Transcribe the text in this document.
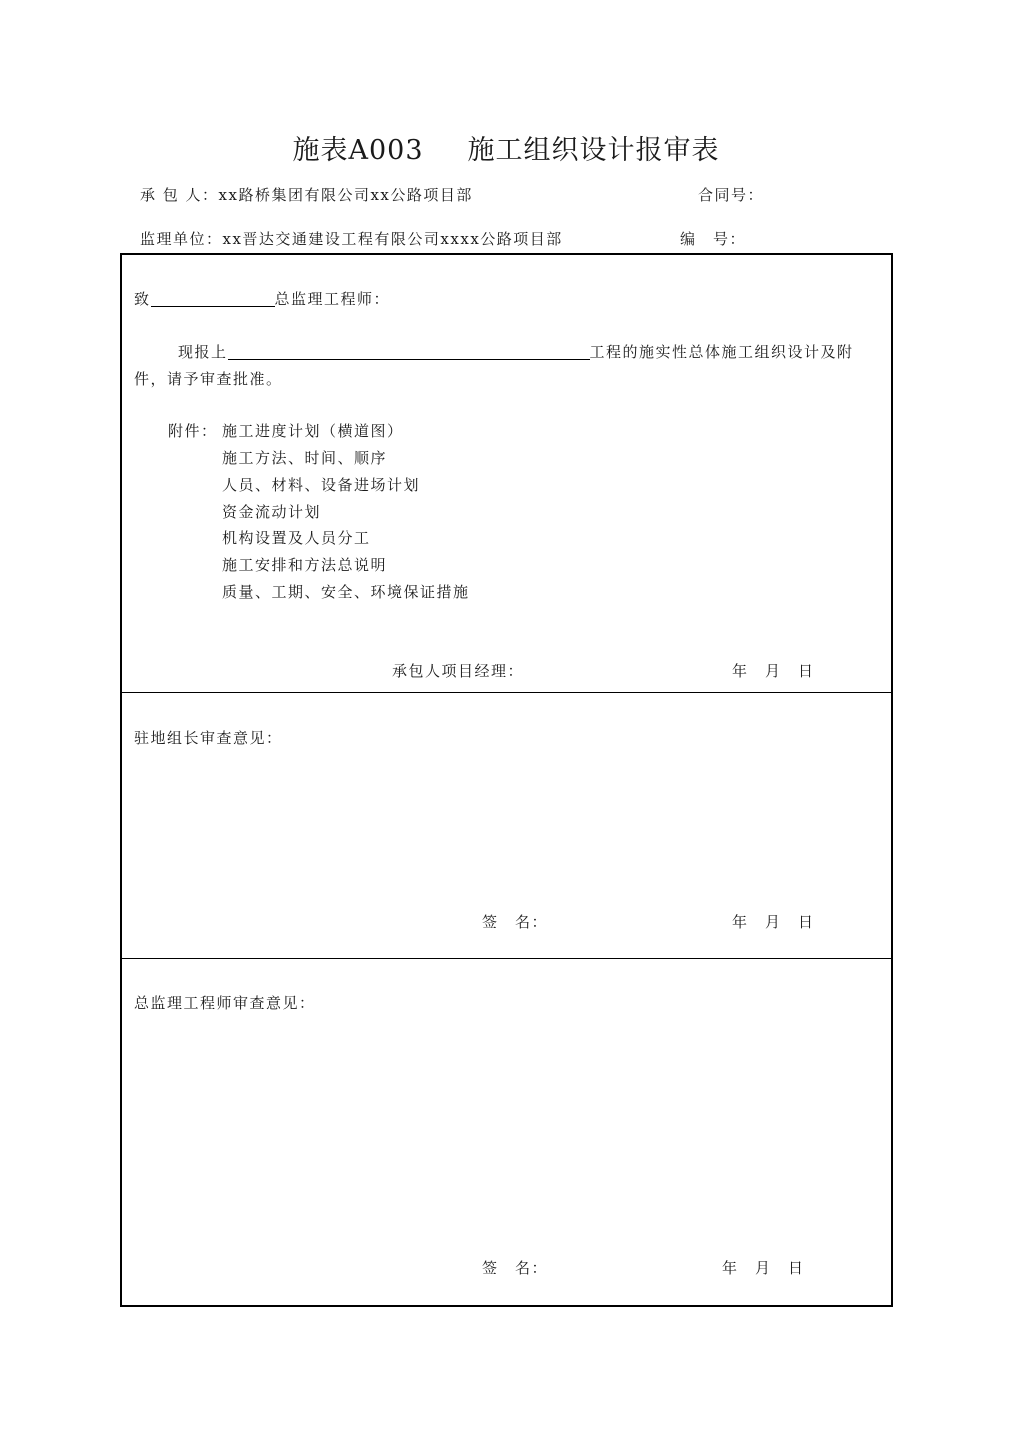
施表A003 施工组织设计报审表
承 包 人：xx路桥集团有限公司xx公路项目部	合同号：
监理单位：xx晋达交通建设工程有限公司xxxx公路项目部	编　号：
致	总监理工程师：
现报上	工程的施实性总体施工组织设计及附
件，请予审查批准。
附件： 施工进度计划（横道图）
施工方法、时间、顺序
人员、材料、设备进场计划
资金流动计划
机构设置及人员分工
施工安排和方法总说明
质量、工期、安全、环境保证措施
承包人项目经理：	年　月　日
驻地组长审查意见：
签　名：	年　月　日
总监理工程师审查意见：
签　名：	年　月　日
